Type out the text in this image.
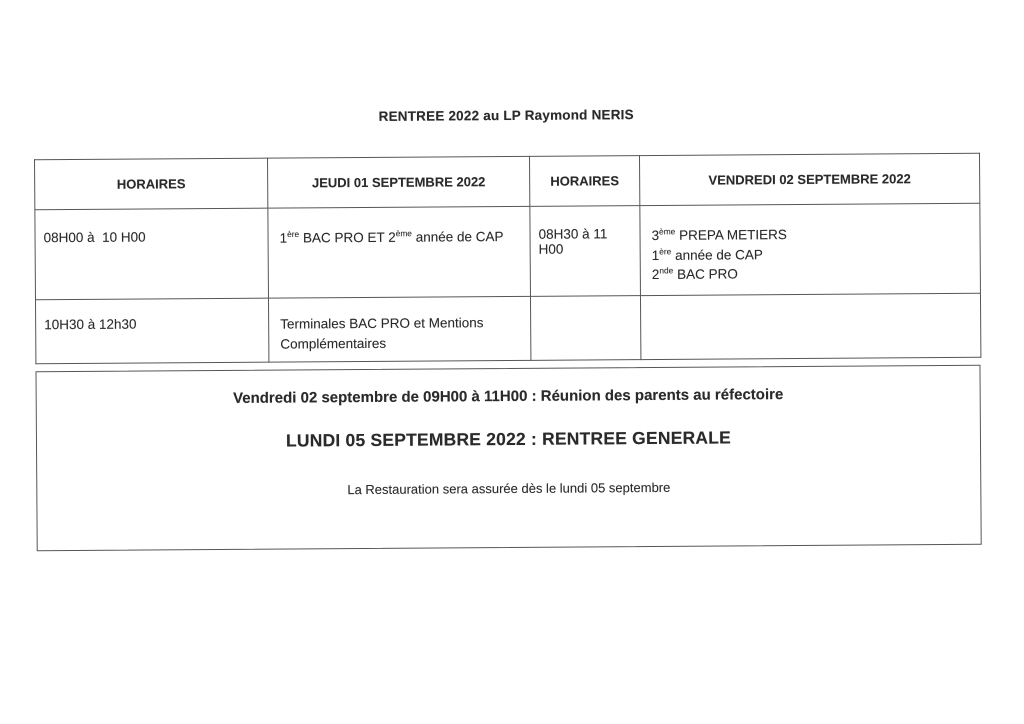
RENTREE 2022 au LP Raymond NERIS
HORAIRES	JEUDI 01 SEPTEMBRE 2022	HORAIRES	VENDREDI 02 SEPTEMBRE 2022
08H00 à  10 H00	1ère BAC PRO ET 2ème année de CAP	08H30 à 11 H00	3ème PREPA METIERS
1ère année de CAP
2nde BAC PRO

10H30 à 12h30	Terminales BAC PRO et Mentions Complémentaires		

Vendredi 02 septembre de 09H00 à 11H00 : Réunion des parents au réfectoire

LUNDI 05 SEPTEMBRE 2022 : RENTREE GENERALE

La Restauration sera assurée dès le lundi 05 septembre
